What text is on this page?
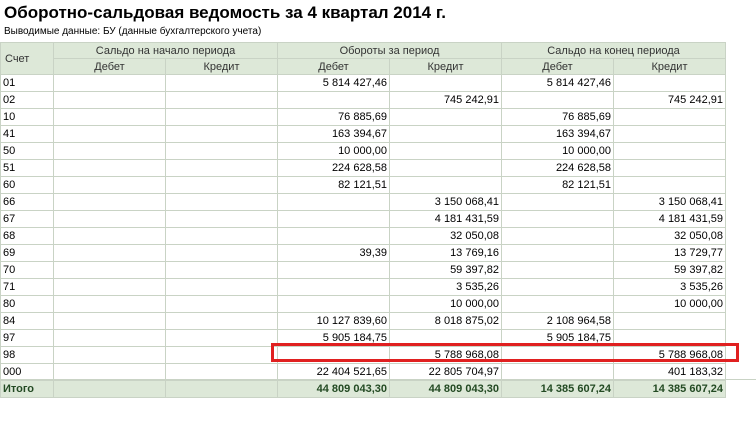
Оборотно-сальдовая ведомость за 4 квартал 2014 г.
Выводимые данные: БУ (данные бухгалтерского учета)
Счет	Сальдо на начало периода		Обороты за период		Сальдо на конец периода	
	Дебет	Кредит	Дебет	Кредит	Дебет	Кредит
01			5 814 427,46		5 814 427,46	
02				745 242,91		745 242,91
10			76 885,69		76 885,69	
41			163 394,67		163 394,67	
50			10 000,00		10 000,00	
51			224 628,58		224 628,58	
60			82 121,51		82 121,51	
66				3 150 068,41		3 150 068,41
67				4 181 431,59		4 181 431,59
68				32 050,08		32 050,08
69			39,39	13 769,16		13 729,77
70				59 397,82		59 397,82
71				3 535,26		3 535,26
80				10 000,00		10 000,00
84			10 127 839,60	8 018 875,02	2 108 964,58	
97			5 905 184,75		5 905 184,75	
98				5 788 968,08		5 788 968,08
000			22 404 521,65	22 805 704,97		401 183,32
Итого			44 809 043,30	44 809 043,30	14 385 607,24	14 385 607,24
